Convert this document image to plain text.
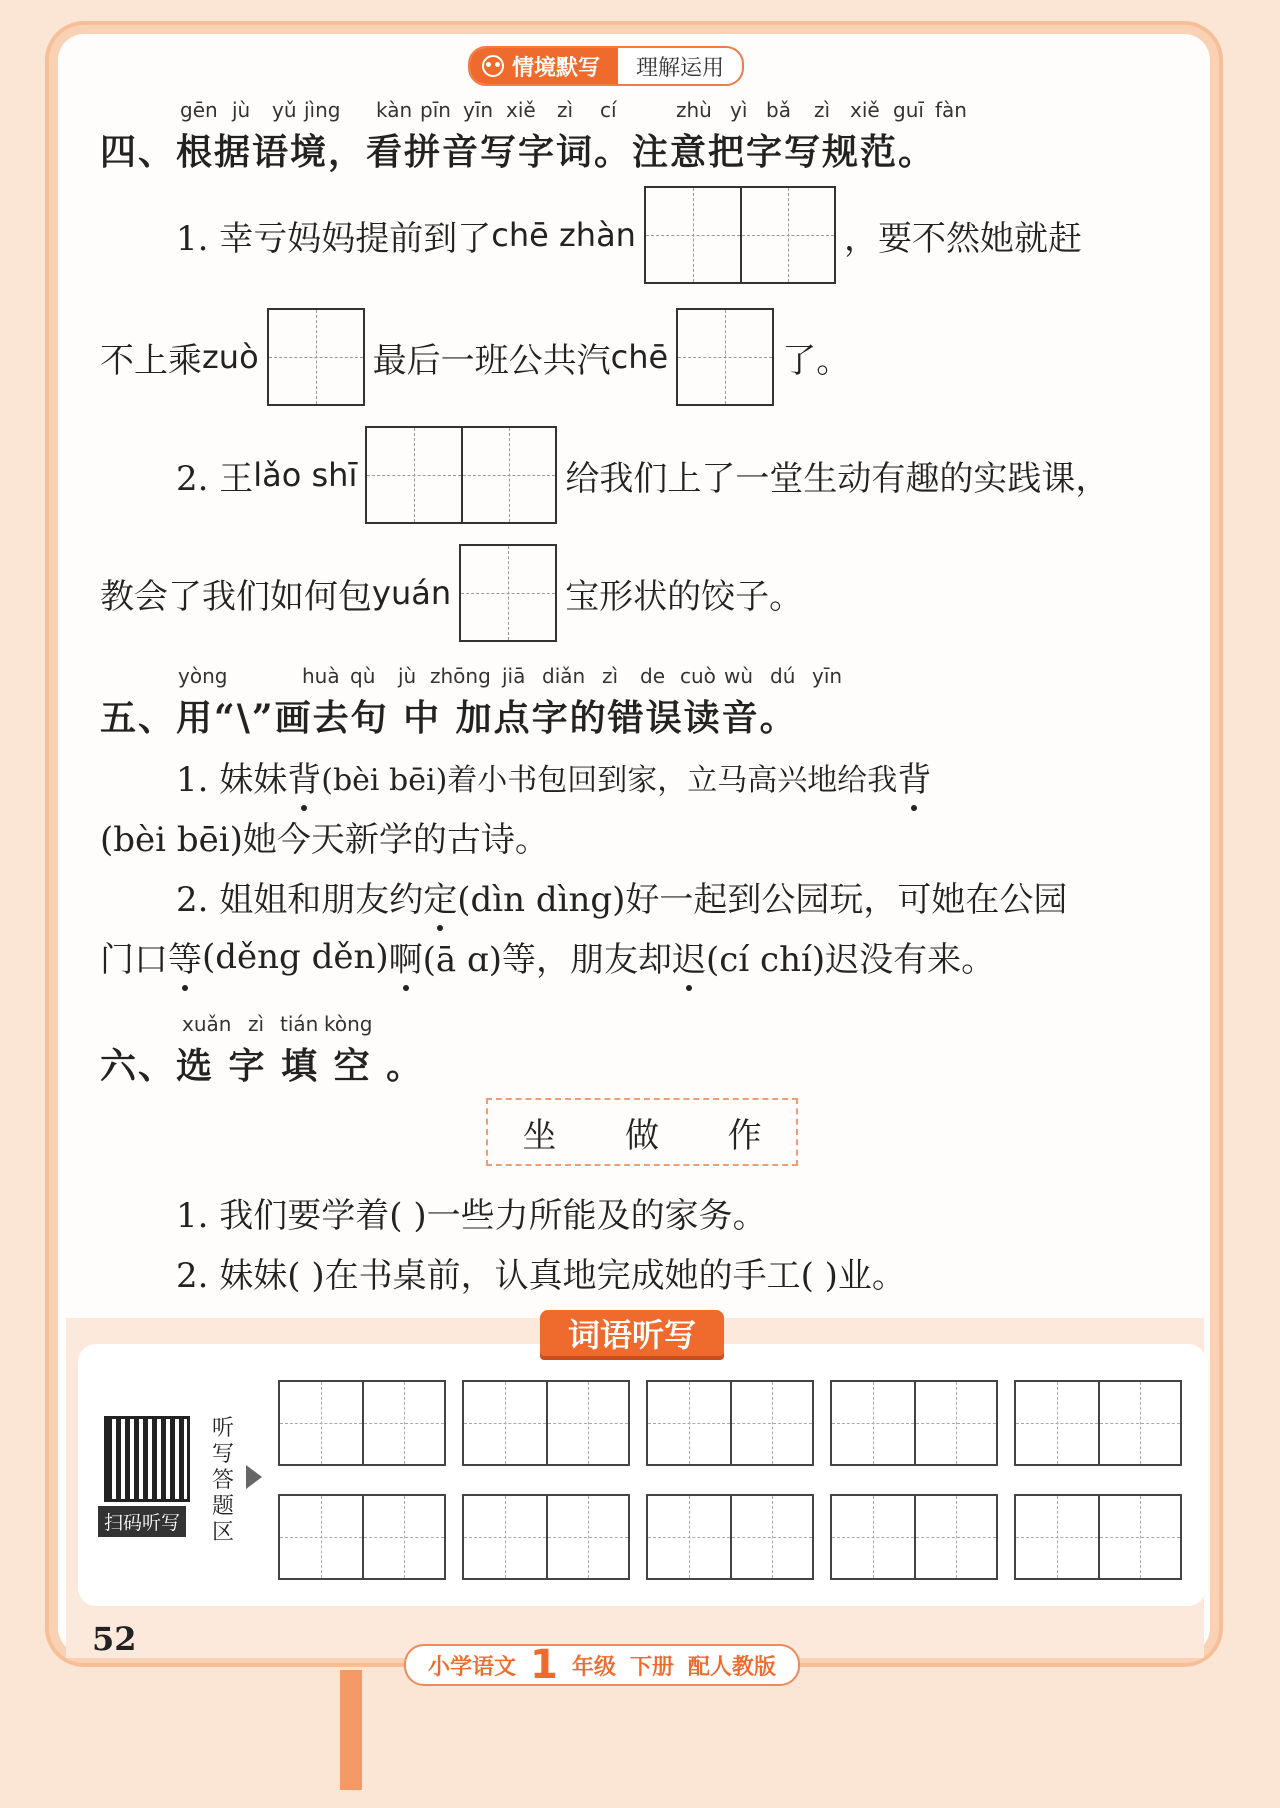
情境默写	理解运用
gēn jù yǔ jìng kàn pīn yīn xiě zì cí	zhù yì bǎ zì xiě guī fàn
四、根据语境，看拼音写字词。注意把字写规范。
1. 幸亏妈妈提前到了 chē zhàn	，要不然她就赶
不上乘 zuò	最后一班公共汽 chē	了。
2. 王 lǎo shī	给我们上了一堂生动有趣的实践课，
教会了我们如何包 yuán	宝形状的饺子。
yòng	huà qù jù zhōng jiā diǎn zì de cuò wù dú yīn
五、用“\”画去句 中 加点字的错误读音。
1. 妹妹 背 (bèi bēi)着小书包回到家，立马高兴地给我 背
(bèi bēi)她今天新学的古诗。
2. 姐姐和朋友约 定 (dìn dìng)好一起到公园玩，可她在公园
门口 等 (děng děn) 啊 (ā ɑ)等，朋友却 迟 (cí chí)迟没有来。
xuǎn zì tián kòng
六、选 字 填 空 。
坐 做 作
1. 我们要学着( )一些力所能及的家务。
2. 妹妹( )在书桌前，认真地完成她的手工( )业。
词语听写
扫码听写
听写答题区
52
小学语文 1 年级 下册 配人教版
